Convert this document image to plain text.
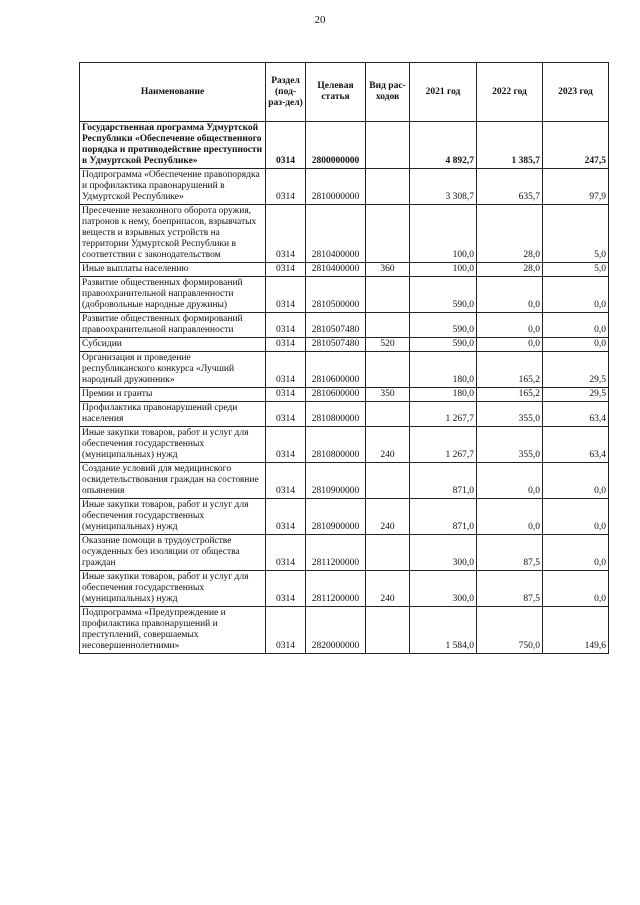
20
Наименование	Раздел (под-раз-дел)	Целевая статья	Вид рас-ходов	2021 год	2022 год	2023 год
Государственная программа Удмуртской Республики «Обеспечение общественного порядка и противодействие преступности в Удмуртской Республике»	0314	2800000000		4 892,7	1 385,7	247,5
Подпрограмма «Обеспечение правопорядка и профилактика правонарушений в Удмуртской Республике»	0314	2810000000		3 308,7	635,7	97,9
Пресечение незаконного оборота оружия, патронов к нему, боеприпасов, взрывчатых веществ и взрывных устройств на территории Удмуртской Республики в соответствии с законодательством	0314	2810400000		100,0	28,0	5,0
Иные выплаты населению	0314	2810400000	360	100,0	28,0	5,0
Развитие общественных формирований правоохранительной направленности (добровольные народные дружины)	0314	2810500000		590,0	0,0	0,0
Развитие общественных формирований правоохранительной направленности	0314	2810507480		590,0	0,0	0,0
Субсидии	0314	2810507480	520	590,0	0,0	0,0
Организация и проведение республиканского конкурса «Лучший народный дружинник»	0314	2810600000		180,0	165,2	29,5
Премии и гранты	0314	2810600000	350	180,0	165,2	29,5
Профилактика правонарушений среди населения	0314	2810800000		1 267,7	355,0	63,4
Иные закупки товаров, работ и услуг для обеспечения государственных (муниципальных) нужд	0314	2810800000	240	1 267,7	355,0	63,4
Создание условий для медицинского освидетельствования граждан на состояние опьянения	0314	2810900000		871,0	0,0	0,0
Иные закупки товаров, работ и услуг для обеспечения государственных (муниципальных) нужд	0314	2810900000	240	871,0	0,0	0,0
Оказание помощи в трудоустройстве осужденных без изоляции от общества граждан	0314	2811200000		300,0	87,5	0,0
Иные закупки товаров, работ и услуг для обеспечения государственных (муниципальных) нужд	0314	2811200000	240	300,0	87,5	0,0
Подпрограмма «Предупреждение и профилактика правонарушений и преступлений, совершаемых несовершеннолетними»	0314	2820000000		1 584,0	750,0	149,6
